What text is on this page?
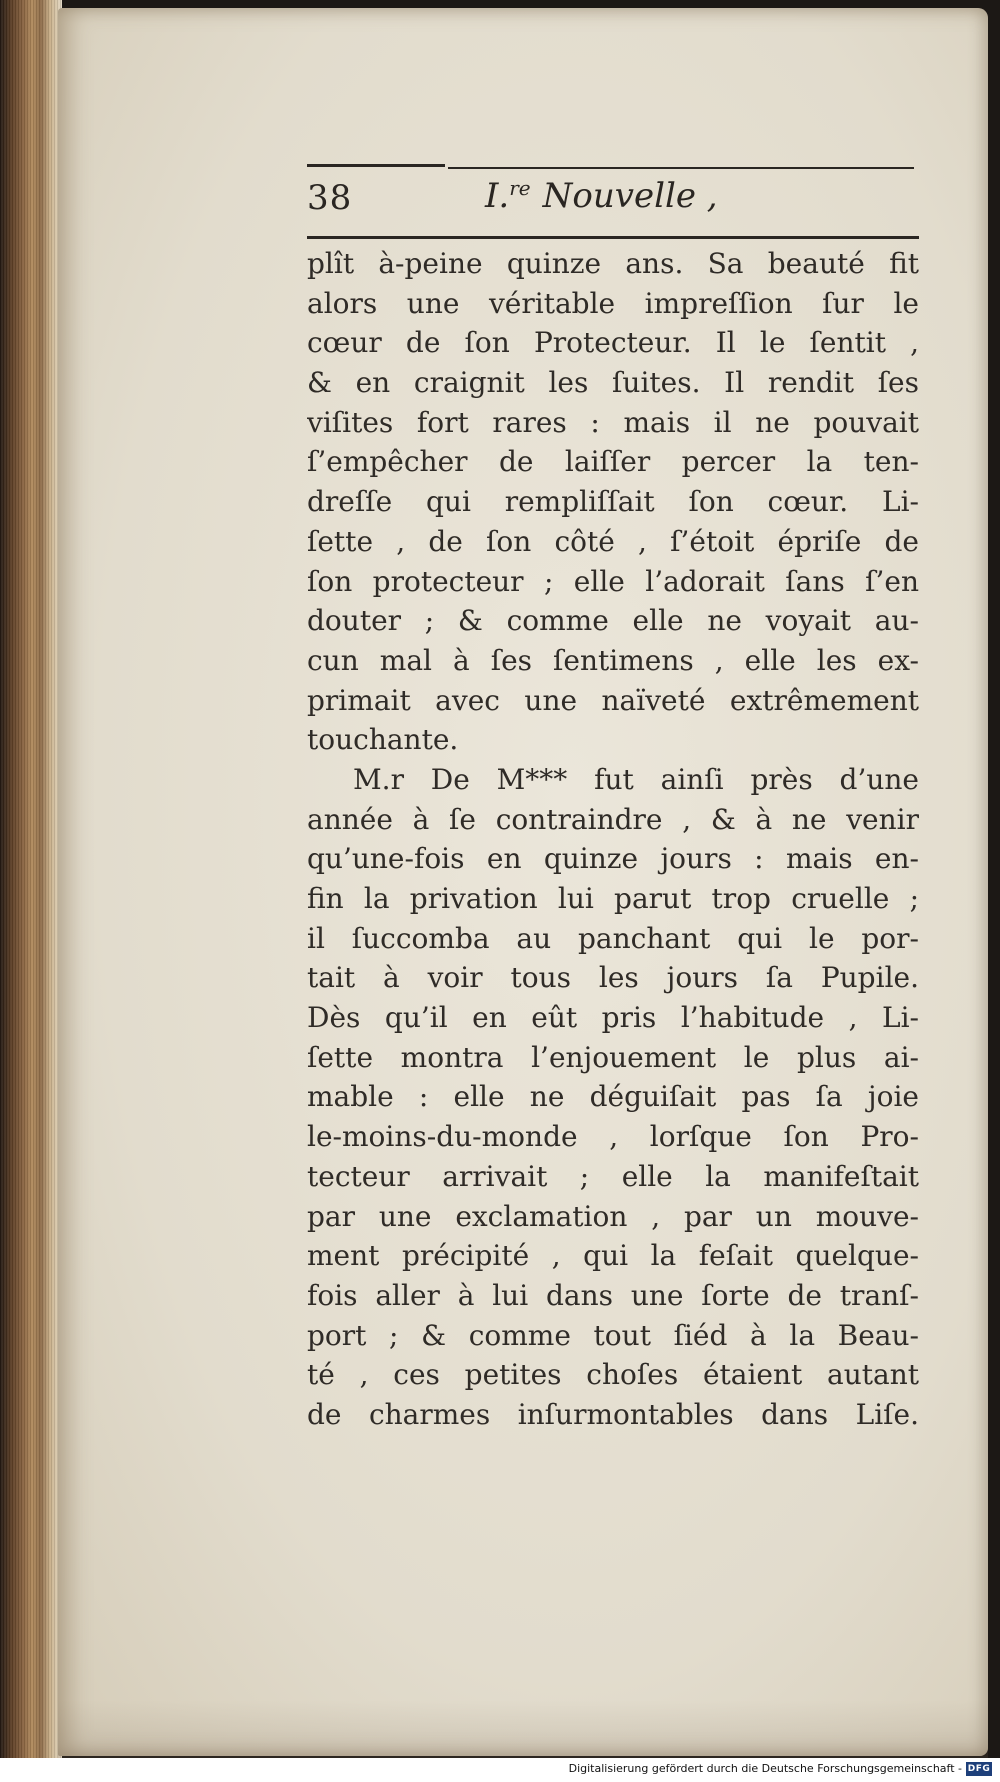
38	I.$^{re}$ Nouvelle ,
plît à-peine quinze ans. Sa beauté fit
alors une véritable impreſſion ſur le
cœur de ſon Protecteur. Il le ſentit ,
& en craignit les ſuites. Il rendit ſes
viſites fort rares : mais il ne pouvait
ſ’empêcher de laiſſer percer la ten-
dreſſe qui rempliſſait ſon cœur. Li-
ſette , de ſon côté , ſ’étoit épriſe de
ſon protecteur ; elle l’adorait ſans ſ’en
douter ; & comme elle ne voyait au-
cun mal à ſes ſentimens , elle les ex-
primait avec une naïveté extrêmement
touchante.
M.r De M*** fut ainſi près d’une
année à ſe contraindre , & à ne venir
qu’une-fois en quinze jours : mais en-
fin la privation lui parut trop cruelle ;
il ſuccomba au panchant qui le por-
tait à voir tous les jours ſa Pupile.
Dès qu’il en eût pris l’habitude , Li-
ſette montra l’enjouement le plus ai-
mable : elle ne déguiſait pas ſa joie
le-moins-du-monde , lorſque ſon Pro-
tecteur arrivait ; elle la manifeſtait
par une exclamation , par un mouve-
ment précipité , qui la feſait quelque-
fois aller à lui dans une ſorte de tranſ-
port ; & comme tout ſiéd à la Beau-
té , ces petites choſes étaient autant
de charmes inſurmontables dans Liſe.
Digitalisierung gefördert durch die Deutsche Forschungsgemeinschaft - DFG
